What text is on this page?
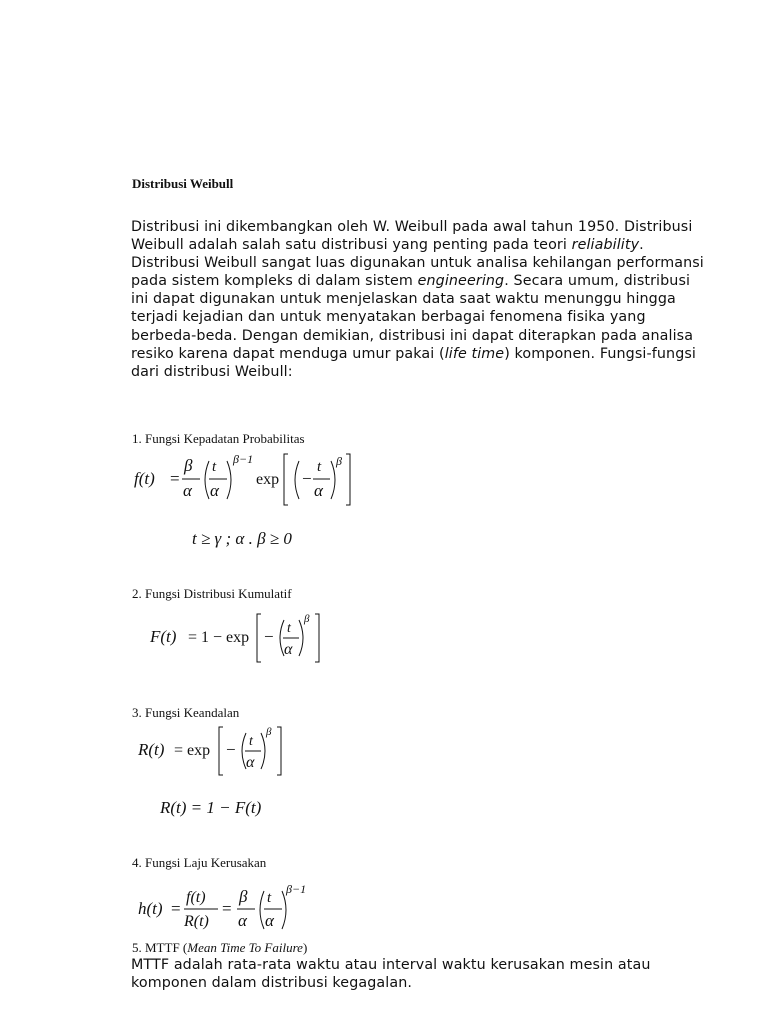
Distribusi Weibull
Distribusi ini dikembangkan oleh W. Weibull pada awal tahun 1950. Distribusi Weibull adalah salah satu distribusi yang penting pada teori reliability. Distribusi Weibull sangat luas digunakan untuk analisa kehilangan performansi pada sistem kompleks di dalam sistem engineering. Secara umum, distribusi ini dapat digunakan untuk menjelaskan data saat waktu menunggu hingga terjadi kejadian dan untuk menyatakan berbagai fenomena fisika yang berbeda-beda. Dengan demikian, distribusi ini dapat diterapkan pada analisa resiko karena dapat menduga umur pakai (life time) komponen. Fungsi-fungsi dari distribusi Weibull:
1. Fungsi Kepadatan Probabilitas
f(t) =
β
α
t
α
β−1
exp −
t
α
β
t ≥ γ ; α . β ≥ 0
2. Fungsi Distribusi Kumulatif
F(t) = 1 − exp − t
α
β
3. Fungsi Keandalan
R(t) = exp − t
α
β
R(t) = 1 − F(t)
4. Fungsi Laju Kerusakan
h(t) =
f(t)
R(t)
=
β
α
t
α
β−1
5. MTTF (Mean Time To Failure)
MTTF adalah rata-rata waktu atau interval waktu kerusakan mesin atau komponen dalam distribusi kegagalan.
